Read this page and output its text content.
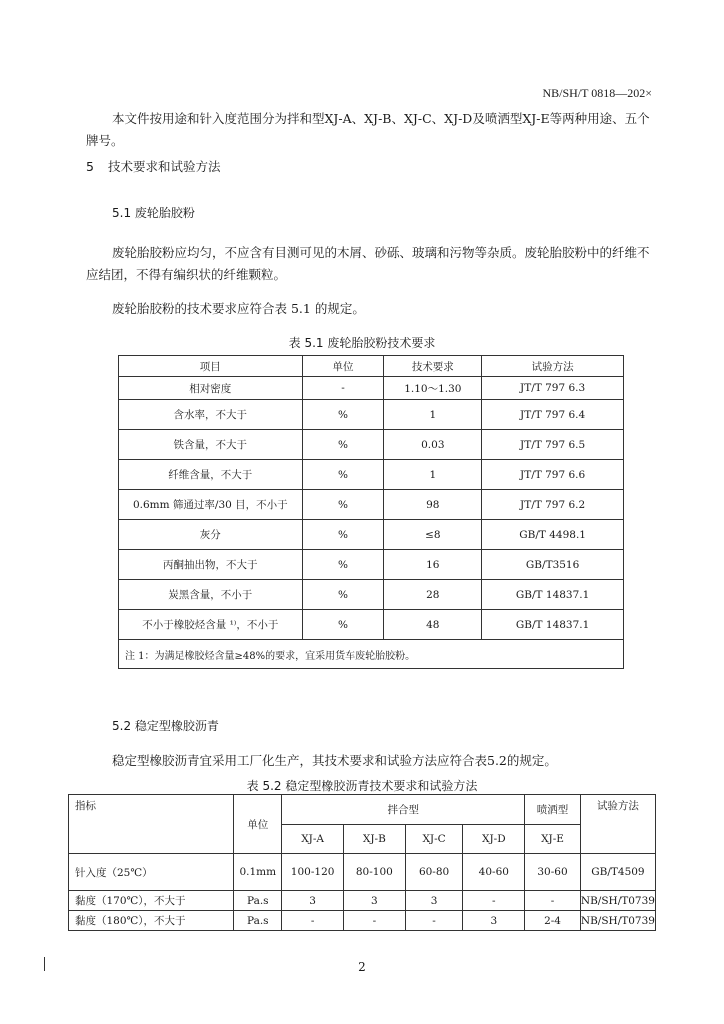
NB/SH/T 0818—202×
本文件按用途和针入度范围分为拌和型XJ-A、XJ-B、XJ-C、XJ-D及喷洒型XJ-E等两种用途、五个牌号。
5 技术要求和试验方法
5.1 废轮胎胶粉
废轮胎胶粉应均匀，不应含有目测可见的木屑、砂砾、玻璃和污物等杂质。废轮胎胶粉中的纤维不应结团，不得有编织状的纤维颗粒。
废轮胎胶粉的技术要求应符合表 5.1 的规定。
表 5.1 废轮胎胶粉技术要求
项目	单位	技术要求	试验方法
相对密度	-	1.10～1.30	JT/T 797 6.3
含水率，不大于	%	1	JT/T 797 6.4
铁含量，不大于	%	0.03	JT/T 797 6.5
纤维含量，不大于	%	1	JT/T 797 6.6
0.6mm 筛通过率/30 目，不小于	%	98	JT/T 797 6.2
灰分	%	≤8	GB/T 4498.1
丙酮抽出物，不大于	%	16	GB/T3516
炭黑含量，不小于	%	28	GB/T 14837.1
不小于橡胶烃含量 ¹⁾，不小于	%	48	GB/T 14837.1
注 1：为满足橡胶烃含量≥48%的要求，宜采用货车废轮胎胶粉。			
5.2 稳定型橡胶沥青
稳定型橡胶沥青宜采用工厂化生产，其技术要求和试验方法应符合表5.2的规定。
表 5.2 稳定型橡胶沥青技术要求和试验方法
指标	单位	拌合型				喷洒型	试验方法
		XJ-A	XJ-B	XJ-C	XJ-D	XJ-E	
针入度（25℃）	0.1mm	100-120	80-100	60-80	40-60	30-60	GB/T4509
黏度（170℃），不大于	Pa.s	3	3	3	-	-	NB/SH/T0739
黏度（180℃），不大于	Pa.s	-	-	-	3	2-4	NB/SH/T0739
2
